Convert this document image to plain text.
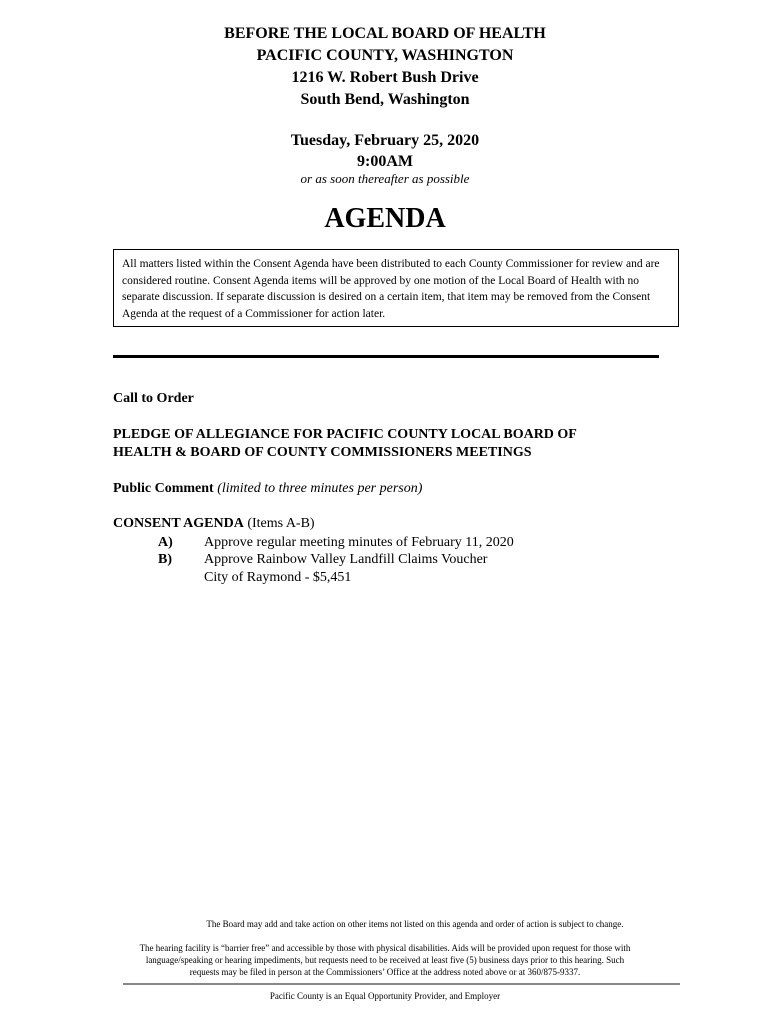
BEFORE THE LOCAL BOARD OF HEALTH
PACIFIC COUNTY, WASHINGTON
1216 W. Robert Bush Drive
South Bend, Washington
Tuesday, February 25, 2020
9:00AM
or as soon thereafter as possible
AGENDA
All matters listed within the Consent Agenda have been distributed to each County Commissioner for review and are considered routine. Consent Agenda items will be approved by one motion of the Local Board of Health with no separate discussion. If separate discussion is desired on a certain item, that item may be removed from the Consent Agenda at the request of a Commissioner for action later.
Call to Order
PLEDGE OF ALLEGIANCE FOR PACIFIC COUNTY LOCAL BOARD OF
HEALTH & BOARD OF COUNTY COMMISSIONERS MEETINGS
Public Comment (limited to three minutes per person)
CONSENT AGENDA (Items A-B)
A) Approve regular meeting minutes of February 11, 2020
B) Approve Rainbow Valley Landfill Claims Voucher
City of Raymond - $5,451
The Board may add and take action on other items not listed on this agenda and order of action is subject to change.
The hearing facility is “barrier free” and accessible by those with physical disabilities. Aids will be provided upon request for those with
language/speaking or hearing impediments, but requests need to be received at least five (5) business days prior to this hearing. Such
requests may be filed in person at the Commissioners’ Office at the address noted above or at 360/875-9337.
Pacific County is an Equal Opportunity Provider, and Employer
